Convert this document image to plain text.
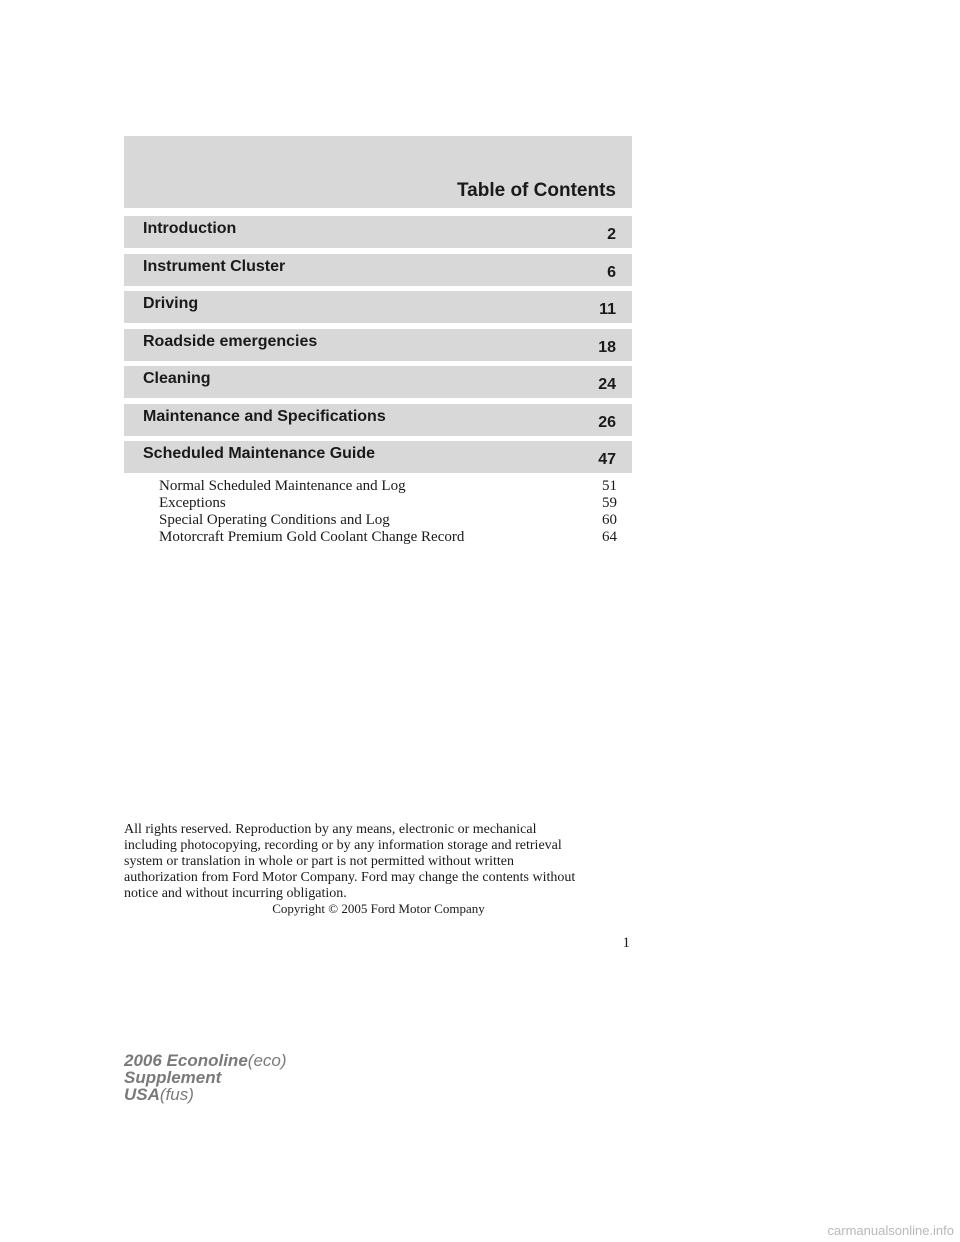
Table of Contents
Introduction	2
Instrument Cluster	6
Driving	11
Roadside emergencies	18
Cleaning	24
Maintenance and Specifications	26
Scheduled Maintenance Guide	47
Normal Scheduled Maintenance and Log	51
Exceptions	59
Special Operating Conditions and Log	60
Motorcraft Premium Gold Coolant Change Record	64
All rights reserved. Reproduction by any means, electronic or mechanical
including photocopying, recording or by any information storage and retrieval
system or translation in whole or part is not permitted without written
authorization from Ford Motor Company. Ford may change the contents without
notice and without incurring obligation.
Copyright © 2005 Ford Motor Company
1
2006 Econoline(eco)
Supplement
USA(fus)
carmanualsonline.info
